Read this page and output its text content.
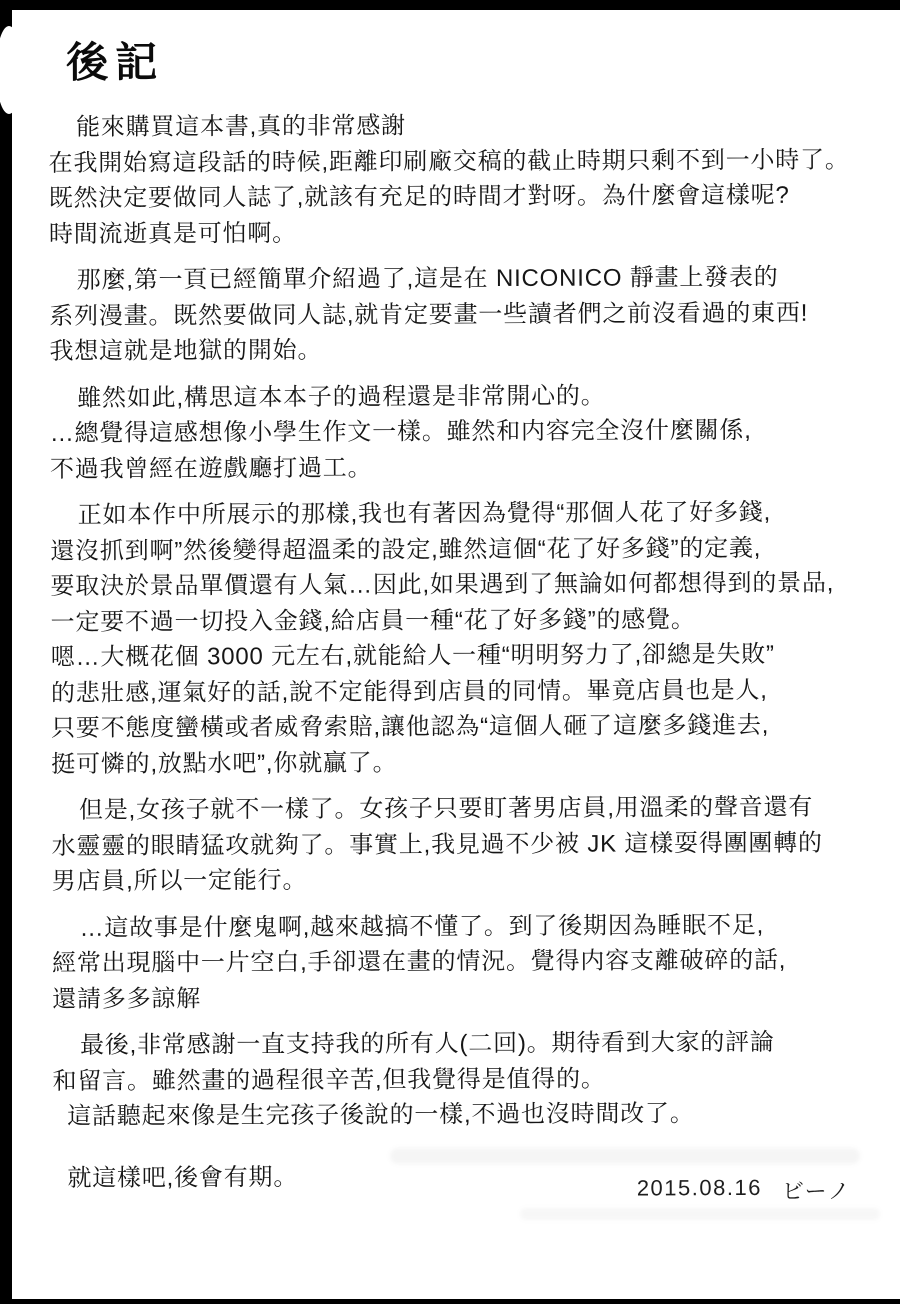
後記
能來購買這本書,真的非常感謝
在我開始寫這段話的時候,距離印刷廠交稿的截止時期只剩不到一小時了。
既然決定要做同人誌了,就該有充足的時間才對呀。為什麼會這樣呢?
時間流逝真是可怕啊。
那麼,第一頁已經簡單介紹過了,這是在 NICONICO 靜畫上發表的
系列漫畫。既然要做同人誌,就肯定要畫一些讀者們之前沒看過的東西!
我想這就是地獄的開始。
雖然如此,構思這本本子的過程還是非常開心的。
…總覺得這感想像小學生作文一樣。雖然和内容完全沒什麼關係,
不過我曾經在遊戲廳打過工。
正如本作中所展示的那樣,我也有著因為覺得“那個人花了好多錢,
還沒抓到啊”然後變得超溫柔的設定,雖然這個“花了好多錢”的定義,
要取決於景品單價還有人氣…因此,如果遇到了無論如何都想得到的景品,
一定要不過一切投入金錢,給店員一種“花了好多錢”的感覺。
嗯…大概花個 3000 元左右,就能給人一種“明明努力了,卻總是失敗”
的悲壯感,運氣好的話,說不定能得到店員的同情。畢竟店員也是人,
只要不態度蠻橫或者威脅索賠,讓他認為“這個人砸了這麼多錢進去,
挺可憐的,放點水吧”,你就贏了。
但是,女孩子就不一樣了。女孩子只要盯著男店員,用溫柔的聲音還有
水靈靈的眼睛猛攻就夠了。事實上,我見過不少被 JK 這樣耍得團團轉的
男店員,所以一定能行。
…這故事是什麼鬼啊,越來越搞不懂了。到了後期因為睡眠不足,
經常出現腦中一片空白,手卻還在畫的情況。覺得内容支離破碎的話,
還請多多諒解
最後,非常感謝一直支持我的所有人(二回)。期待看到大家的評論
和留言。雖然畫的過程很辛苦,但我覺得是值得的。
這話聽起來像是生完孩子後說的一樣,不過也沒時間改了。
就這樣吧,後會有期。	2015.08.16 ビーノ
